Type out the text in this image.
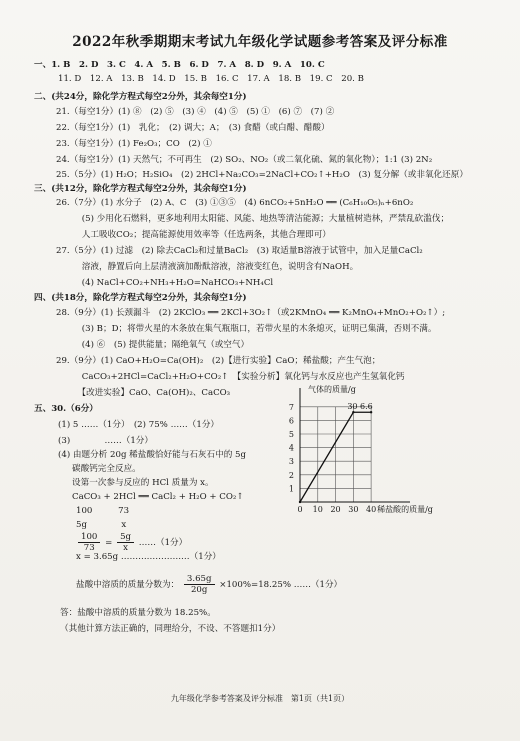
2022年秋季期期末考试九年级化学试题参考答案及评分标准
一、1. B　2. D　3. C　4. A　5. B　6. D　7. A　8. D　9. A　10. C
11. D　12. A　13. B　14. D　15. B　16. C　17. A　18. B　19. C　20. B
二、(共24分，除化学方程式每空2分外，其余每空1分)
21.（每空1分）(1) ⑧　(2) ⑤　(3) ④　(4) ⑤　(5) ①　(6) ⑦　(7) ②
22.（每空1分）(1)　乳化；　(2) 调大；A；　(3) 食醋（或白醋、醋酸）
23.（每空1分）(1) Fe₂O₃；CO　(2) ①
24.（每空1分）(1) 天然气；不可再生　(2) SO₂、NO₂（或二氧化硫、氮的氧化物）；1:1 (3) 2N₂
25.（5分）(1) H₂O；H₂SiO₄　(2) 2HCl+Na₂CO₃=2NaCl+CO₂↑+H₂O　(3) 复分解（或非氧化还原）
三、(共12分，除化学方程式每空2分外，其余每空1分)
26.（7分）(1) 水分子　(2) A、C　(3) ①③⑤　(4) 6nCO₂+5nH₂O ══ (C₆H₁₀O₅)ₙ+6nO₂
　　　(5) 少用化石燃料，更多地利用太阳能、风能、地热等清洁能源；大量植树造林，严禁乱砍滥伐；
　　　人工吸收CO₂；提高能源使用效率等（任选两条，其他合理即可）
27.（5分）(1) 过滤　(2) 除去CaCl₂和过量BaCl₂　(3) 取适量B溶液于试管中，加入足量CaCl₂
　　　溶液，静置后向上层清液滴加酚酞溶液，溶液变红色，说明含有NaOH。
　　　(4) NaCl+CO₂+NH₃+H₂O=NaHCO₃+NH₄Cl
四、(共18分，除化学方程式每空2分外，其余每空1分)
28.（9分）(1) 长颈漏斗　(2) 2KClO₃ ══ 2KCl+3O₂↑（或2KMnO₄ ══ K₂MnO₄+MnO₂+O₂↑）;
　　　(3) B；D；将带火星的木条放在集气瓶瓶口，若带火星的木条熄灭，证明已集满，否则不满。
　　　(4) ⑥　(5) 提供能量；隔绝氧气（或空气）
29.（9分）(1) CaO+H₂O=Ca(OH)₂　(2)【进行实验】CaO；稀盐酸；产生气泡；
　　　CaCO₃+2HCl=CaCl₂+H₂O+CO₂↑　【实验分析】氧化钙与水反应也产生氢氧化钙
　　　【改进实验】CaO、Ca(OH)₂、CaCO₃
五、30.（6分）
(1) 5 ……（1分）　(2) 75% ……（1分）
(3)　　　　……（1分）
(4) 由题分析 20g 稀盐酸恰好能与石灰石中的 5g
碳酸钙完全反应。
设第一次参与反应的 HCl 质量为 x。
CaCO₃ + 2HCl ══ CaCl₂ + H₂O + CO₂↑
100　　　73
5g　　　　x
x = 3.65g ……………………（1分）
答：盐酸中溶质的质量分数为 18.25%。
（其他计算方法正确的，同理给分，不设、不答题扣1分）
$\frac{100}{73} = \frac{5g}{x}$ ……（1分）
盐酸中溶质的质量分数为： $\frac{3.65g}{20g} \times 100\%=18.25\%$ ……（1分）
0 10 20 30 40
1
2
3
4
5
6
7
气体的质量/g
稀盐酸的质量/g
30 6.6
九年级化学参考答案及评分标准　第1页（共1页）
